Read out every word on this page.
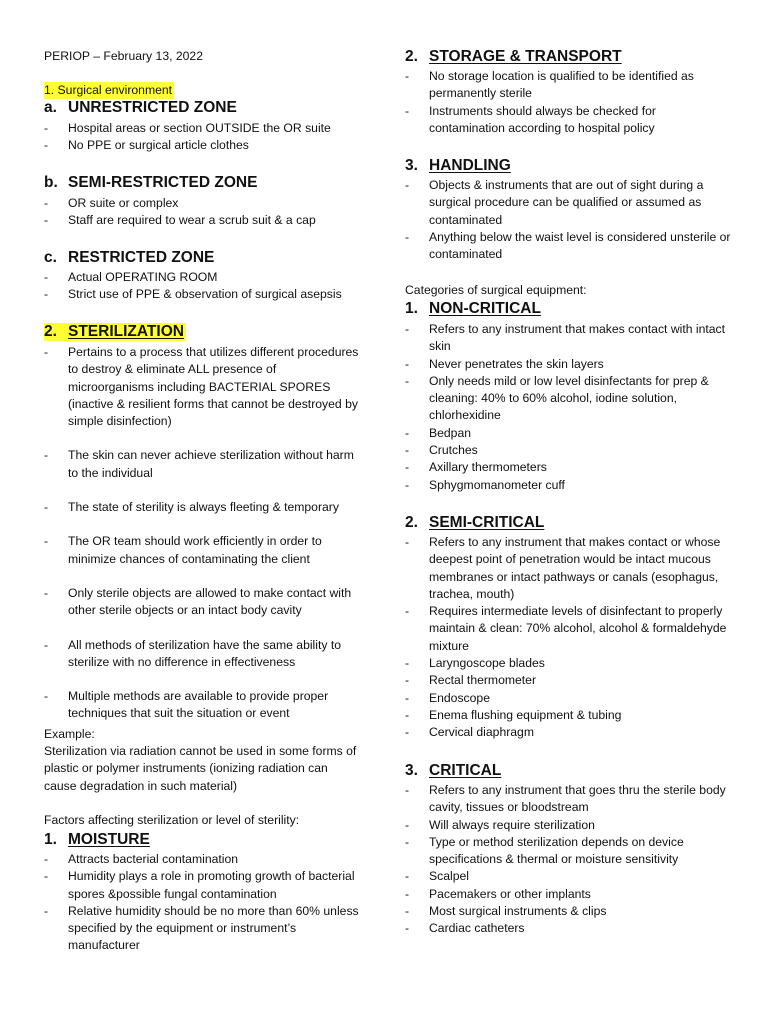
PERIOP – February 13, 2022
1. Surgical environment
a. UNRESTRICTED ZONE
- Hospital areas or section OUTSIDE the OR suite
- No PPE or surgical article clothes
b. SEMI-RESTRICTED ZONE
- OR suite or complex
- Staff are required to wear a scrub suit & a cap
c. RESTRICTED ZONE
- Actual OPERATING ROOM
- Strict use of PPE & observation of surgical asepsis
2. STERILIZATION
- Pertains to a process that utilizes different procedures to destroy & eliminate ALL presence of microorganisms including BACTERIAL SPORES (inactive & resilient forms that cannot be destroyed by simple disinfection)
- The skin can never achieve sterilization without harm to the individual
- The state of sterility is always fleeting & temporary
- The OR team should work efficiently in order to minimize chances of contaminating the client
- Only sterile objects are allowed to make contact with other sterile objects or an intact body cavity
- All methods of sterilization have the same ability to sterilize with no difference in effectiveness
- Multiple methods are available to provide proper techniques that suit the situation or event
Example:
Sterilization via radiation cannot be used in some forms of plastic or polymer instruments (ionizing radiation can cause degradation in such material)
Factors affecting sterilization or level of sterility:
1. MOISTURE
- Attracts bacterial contamination
- Humidity plays a role in promoting growth of bacterial spores &possible fungal contamination
- Relative humidity should be no more than 60% unless specified by the equipment or instrument’s manufacturer
2. STORAGE & TRANSPORT
- No storage location is qualified to be identified as permanently sterile
- Instruments should always be checked for contamination according to hospital policy
3. HANDLING
- Objects & instruments that are out of sight during a surgical procedure can be qualified or assumed as contaminated
- Anything below the waist level is considered unsterile or contaminated
Categories of surgical equipment:
1. NON-CRITICAL
- Refers to any instrument that makes contact with intact skin
- Never penetrates the skin layers
- Only needs mild or low level disinfectants for prep & cleaning: 40% to 60% alcohol, iodine solution, chlorhexidine
- Bedpan
- Crutches
- Axillary thermometers
- Sphygmomanometer cuff
2. SEMI-CRITICAL
- Refers to any instrument that makes contact or whose deepest point of penetration would be intact mucous membranes or intact pathways or canals (esophagus, trachea, mouth)
- Requires intermediate levels of disinfectant to properly maintain & clean: 70% alcohol, alcohol & formaldehyde mixture
- Laryngoscope blades
- Rectal thermometer
- Endoscope
- Enema flushing equipment & tubing
- Cervical diaphragm
3. CRITICAL
- Refers to any instrument that goes thru the sterile body cavity, tissues or bloodstream
- Will always require sterilization
- Type or method sterilization depends on device specifications & thermal or moisture sensitivity
- Scalpel
- Pacemakers or other implants
- Most surgical instruments & clips
- Cardiac catheters
